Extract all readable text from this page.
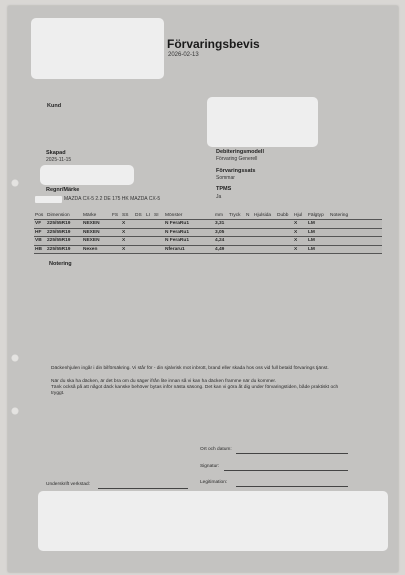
Förvaringsbevis
2026-02-13
Kund
Skapad
2025-11-15
Debiteringsmodell
Förvaring Generell
Förvaringssats
Sommar
Regnr/Märke
MAZDA CX-5 2.2 DE 175 HK MAZDA CX-5
TPMS
Ja
Pos	Dimension	Märke	FS	SS	DS	LI	SI	Mönster	mm	Tryck	N	Hjulsida	Dubb	Hjul	Fälgtyp	Notering
VF	225/55R19	NEXEN		X				N FeraRu1	3,31					X	LM	
HF	225/55R19	NEXEN		X				N FeraRu1	3,05					X	LM	
VB	225/55R19	NEXEN		X				N FeraRu1	4,24					X	LM	
HB	225/55R19	Nexen		X				Nferaru1	4,49					X	LM	
Notering
Däckenhjulen ingår i din bilförsäkring. Vi står för - din självrisk mot inbrott, brand eller skada hos oss vid full betald förvarings tjänst.
När du ska ha däcken, är det bra om du säger ifrån lite innan så vi kan ha däcken framme när du kommer.
Tänk också på att något däck kanske behöver bytas inför nästa säsong. Det kan vi göra åt dig under förvaringstiden, både praktiskt och tryggt.
Ort och datum:
Signatur:
Legitimation:
Underskrift verkstad:
